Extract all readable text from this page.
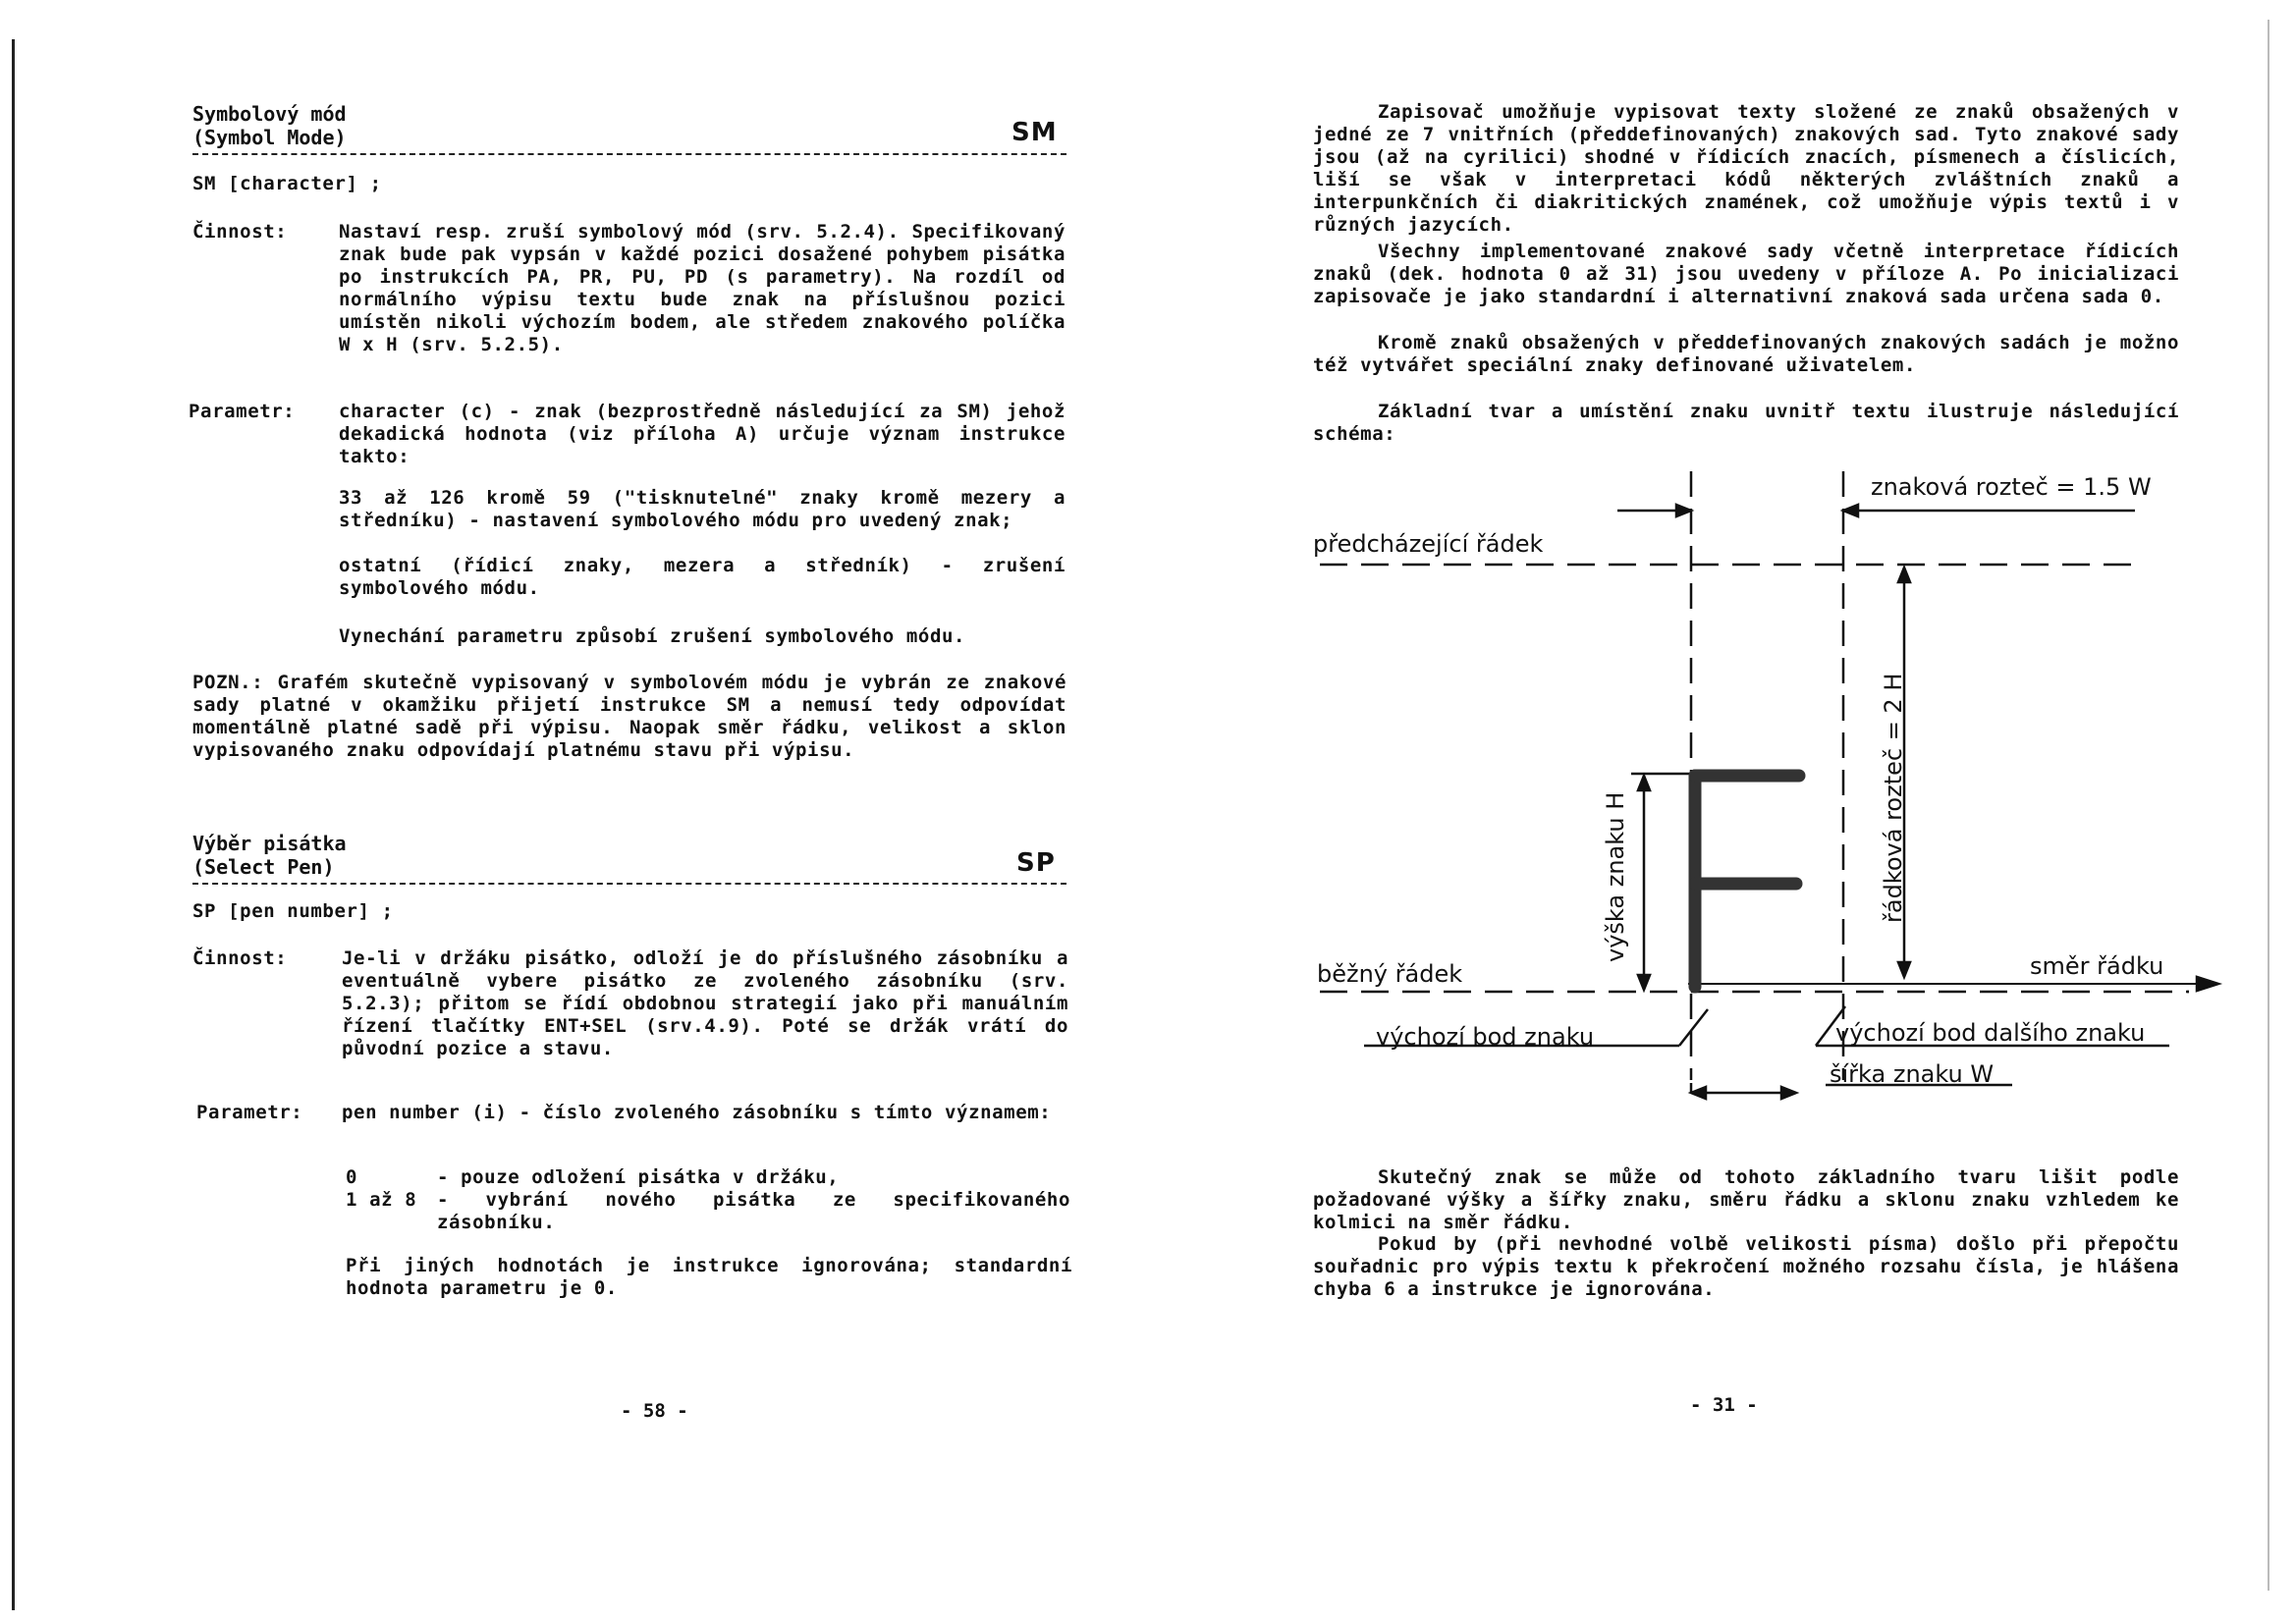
Symbolový mód
(Symbol Mode)	SM
SM [character] ;
Činnost:	Nastaví resp. zruší symbolový mód (srv. 5.2.4). Specifikovaný znak bude pak vypsán v každé pozici dosažené pohybem pisátka po instrukcích PA, PR, PU, PD (s parametry). Na rozdíl od normálního výpisu textu bude znak na příslušnou pozici umístěn nikoli výchozím bodem, ale středem znakového políčka W x H (srv. 5.2.5).
Parametr: character (c) - znak (bezprostředně následující za SM) jehož dekadická hodnota (viz příloha A) určuje význam instrukce takto:
33 až 126 kromě 59 ("tisknutelné" znaky kromě mezery a středníku) - nastavení symbolového módu pro uvedený znak;
ostatní (řídicí znaky, mezera a středník) - zrušení symbolového módu.
Vynechání parametru způsobí zrušení symbolového módu.
POZN.: Grafém skutečně vypisovaný v symbolovém módu je vybrán ze znakové sady platné v okamžiku přijetí instrukce SM a nemusí tedy odpovídat momentálně platné sadě při výpisu. Naopak směr řádku, velikost a sklon vypisovaného znaku odpovídají platnému stavu při výpisu.
Výběr pisátka
(Select Pen)	SP
SP [pen number] ;
Činnost:	Je-li v držáku pisátko, odloží je do příslušného zásobníku a eventuálně vybere pisátko ze zvoleného zásobníku (srv. 5.2.3); přitom se řídí obdobnou strategií jako při manuálním řízení tlačítky ENT+SEL (srv.4.9). Poté se držák vrátí do původní pozice a stavu.
Parametr: pen number (i) - číslo zvoleného zásobníku s tímto významem:
0	- pouze odložení pisátka v držáku,
1 až 8 - vybrání nového pisátka ze specifikovaného zásobníku.
Při jiných hodnotách je instrukce ignorována; standardní hodnota parametru je 0.
- 58 -
Zapisovač umožňuje vypisovat texty složené ze znaků obsažených v jedné ze 7 vnitřních (předdefinovaných) znakových sad. Tyto znakové sady jsou (až na cyrilici) shodné v řídicích znacích, písmenech a číslicích, liší se však v interpretaci kódů některých zvláštních znaků a interpunkčních či diakritických znamének, což umožňuje výpis textů i v různých jazycích.
Všechny implementované znakové sady včetně interpretace řídicích znaků (dek. hodnota 0 až 31) jsou uvedeny v příloze A. Po inicializaci zapisovače je jako standardní i alternativní znaková sada určena sada 0.
Kromě znaků obsažených v předdefinovaných znakových sadách je možno též vytvářet speciální znaky definované uživatelem.
Základní tvar a umístění znaku uvnitř textu ilustruje následující schéma:
znaková rozteč = 1.5 W
předcházející řádek
řádková rozteč = 2 H
výška znaku H
běžný řádek	směr řádku
výchozí bod znaku	výchozí bod dalšího znaku
šířka znaku W
Skutečný znak se může od tohoto základního tvaru lišit podle požadované výšky a šířky znaku, směru řádku a sklonu znaku vzhledem ke kolmici na směr řádku.
Pokud by (při nevhodné volbě velikosti písma) došlo při přepočtu souřadnic pro výpis textu k překročení možného rozsahu čísla, je hlášena chyba 6 a instrukce je ignorována.
- 31 -
